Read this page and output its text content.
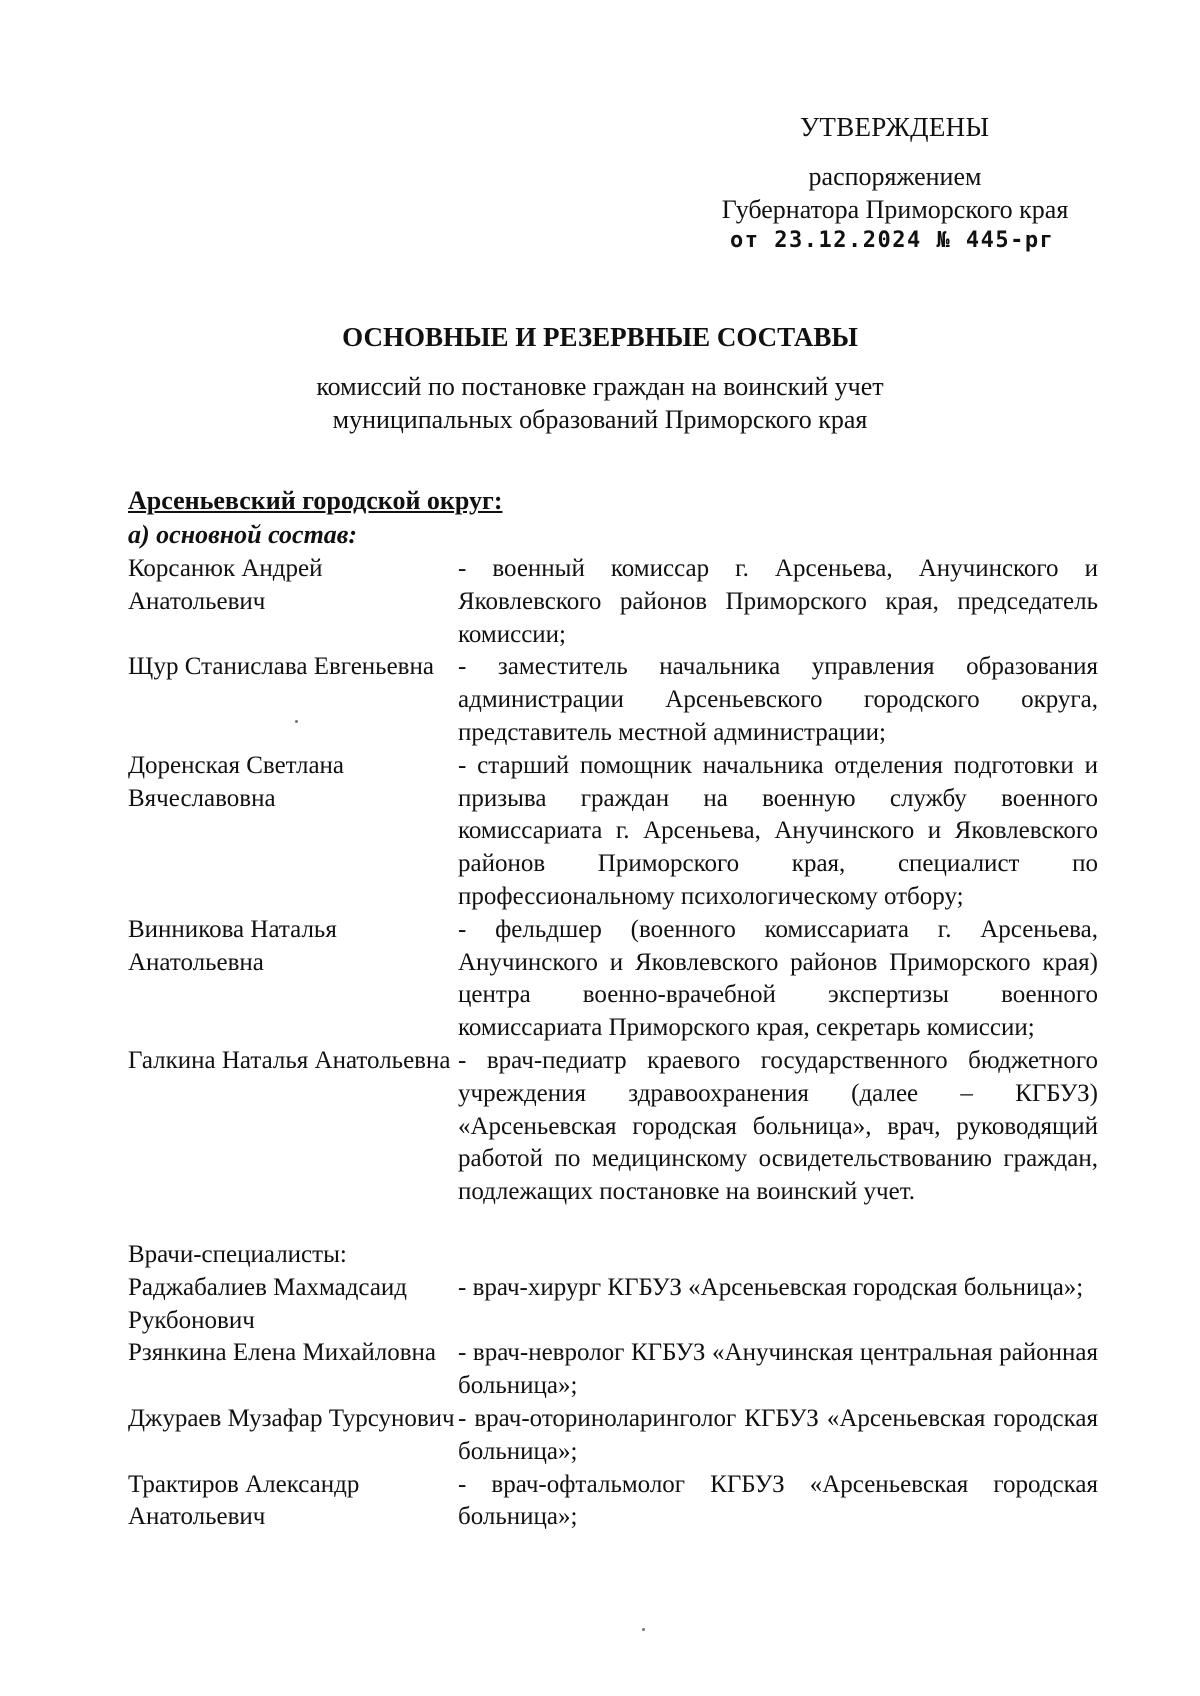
УТВЕРЖДЕНЫ
распоряжением
Губернатора Приморского края
от 23.12.2024 № 445-рг
ОСНОВНЫЕ И РЕЗЕРВНЫЕ СОСТАВЫ
комиссий по постановке граждан на воинский учет
муниципальных образований Приморского края
Арсеньевский городской округ:
а) основной состав:
Корсанюк Андрей Анатольевич
- военный комиссар г. Арсеньева, Анучинского и Яковлевского районов Приморского края, председатель комиссии;
Щур Станислава Евгеньевна - заместитель начальника управления образования администрации Арсеньевского городского округа, представитель местной администрации;
Доренская Светлана Вячеславовна
- старший помощник начальника отделения подготовки и призыва граждан на военную службу военного комиссариата г. Арсеньева, Анучинского и Яковлевского районов Приморского края, специалист по профессиональному психологическому отбору;
Винникова Наталья Анатольевна
- фельдшер (военного комиссариата г. Арсеньева, Анучинского и Яковлевского районов Приморского края) центра военно-врачебной экспертизы военного комиссариата Приморского края, секретарь комиссии;
Галкина Наталья Анатольевна - врач-педиатр краевого государственного бюджетного учреждения здравоохранения (далее – КГБУЗ) «Арсеньевская городская больница», врач, руководящий работой по медицинскому освидетельствованию граждан, подлежащих постановке на воинский учет.
Врачи-специалисты:
Раджабалиев Махмадсаид Рукбонович
- врач-хирург КГБУЗ «Арсеньевская городская больница»;
Рзянкина Елена Михайловна - врач-невролог КГБУЗ «Анучинская центральная районная больница»;
Джураев Музафар Турсунович - врач-оториноларинголог КГБУЗ «Арсеньевская городская больница»;
Трактиров Александр Анатольевич
- врач-офтальмолог КГБУЗ «Арсеньевская городская больница»;
